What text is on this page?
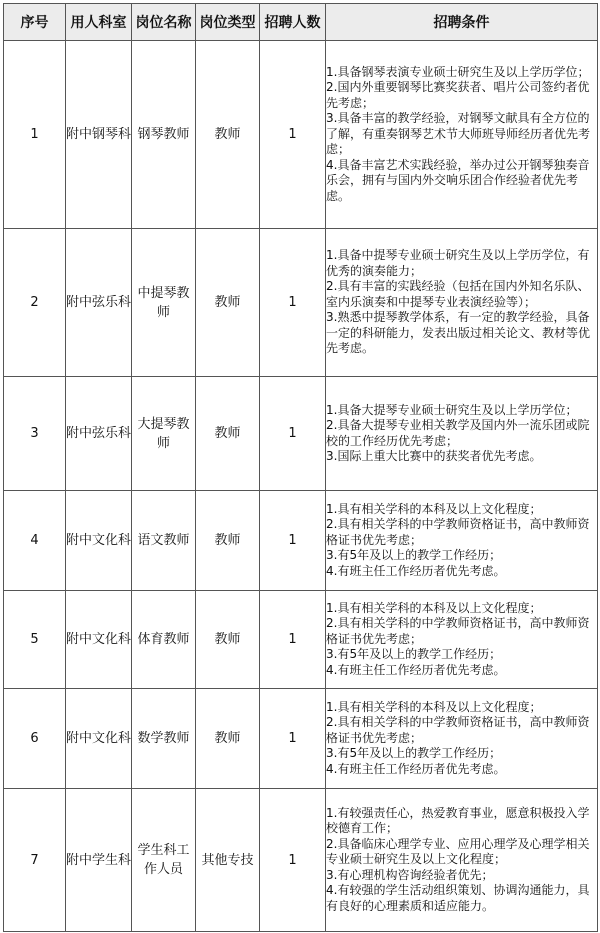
序号	用人科室	岗位名称	岗位类型	招聘人数	招聘条件
1	附中钢琴科	钢琴教师	教师	1	1.具备钢琴表演专业硕士研究生及以上学历学位；
2.国内外重要钢琴比赛奖获者、唱片公司签约者优先考虑；
3.具备丰富的教学经验，对钢琴文献具有全方位的了解，有重奏钢琴艺术节大师班导师经历者优先考虑；
4.具备丰富艺术实践经验，举办过公开钢琴独奏音乐会，拥有与国内外交响乐团合作经验者优先考虑。

2	附中弦乐科	中提琴教师	教师	1	1.具备中提琴专业硕士研究生及以上学历学位，有优秀的演奏能力；
2.具有丰富的实践经验（包括在国内外知名乐队、室内乐演奏和中提琴专业表演经验等）；
3.熟悉中提琴教学体系，有一定的教学经验，具备一定的科研能力，发表出版过相关论文、教材等优先考虑。

3	附中弦乐科	大提琴教师	教师	1	1.具备大提琴专业硕士研究生及以上学历学位；
2.具备大提琴专业相关教学及国内外一流乐团或院校的工作经历优先考虑；
3.国际上重大比赛中的获奖者优先考虑。

4	附中文化科	语文教师	教师	1	1.具有相关学科的本科及以上文化程度；
2.具有相关学科的中学教师资格证书，高中教师资格证书优先考虑；
3.有5年及以上的教学工作经历；
4.有班主任工作经历者优先考虑。

5	附中文化科	体育教师	教师	1	1.具有相关学科的本科及以上文化程度；
2.具有相关学科的中学教师资格证书，高中教师资格证书优先考虑；
3.有5年及以上的教学工作经历；
4.有班主任工作经历者优先考虑。

6	附中文化科	数学教师	教师	1	1.具有相关学科的本科及以上文化程度；
2.具有相关学科的中学教师资格证书，高中教师资格证书优先考虑；
3.有5年及以上的教学工作经历；
4.有班主任工作经历者优先考虑。

7	附中学生科	学生科工作人员	其他专技	1	1.有较强责任心，热爱教育事业，愿意积极投入学校德育工作；
2.具备临床心理学专业、应用心理学及心理学相关专业硕士研究生及以上文化程度；
3.有心理机构咨询经验者优先；
4.有较强的学生活动组织策划、协调沟通能力，具有良好的心理素质和适应能力。
